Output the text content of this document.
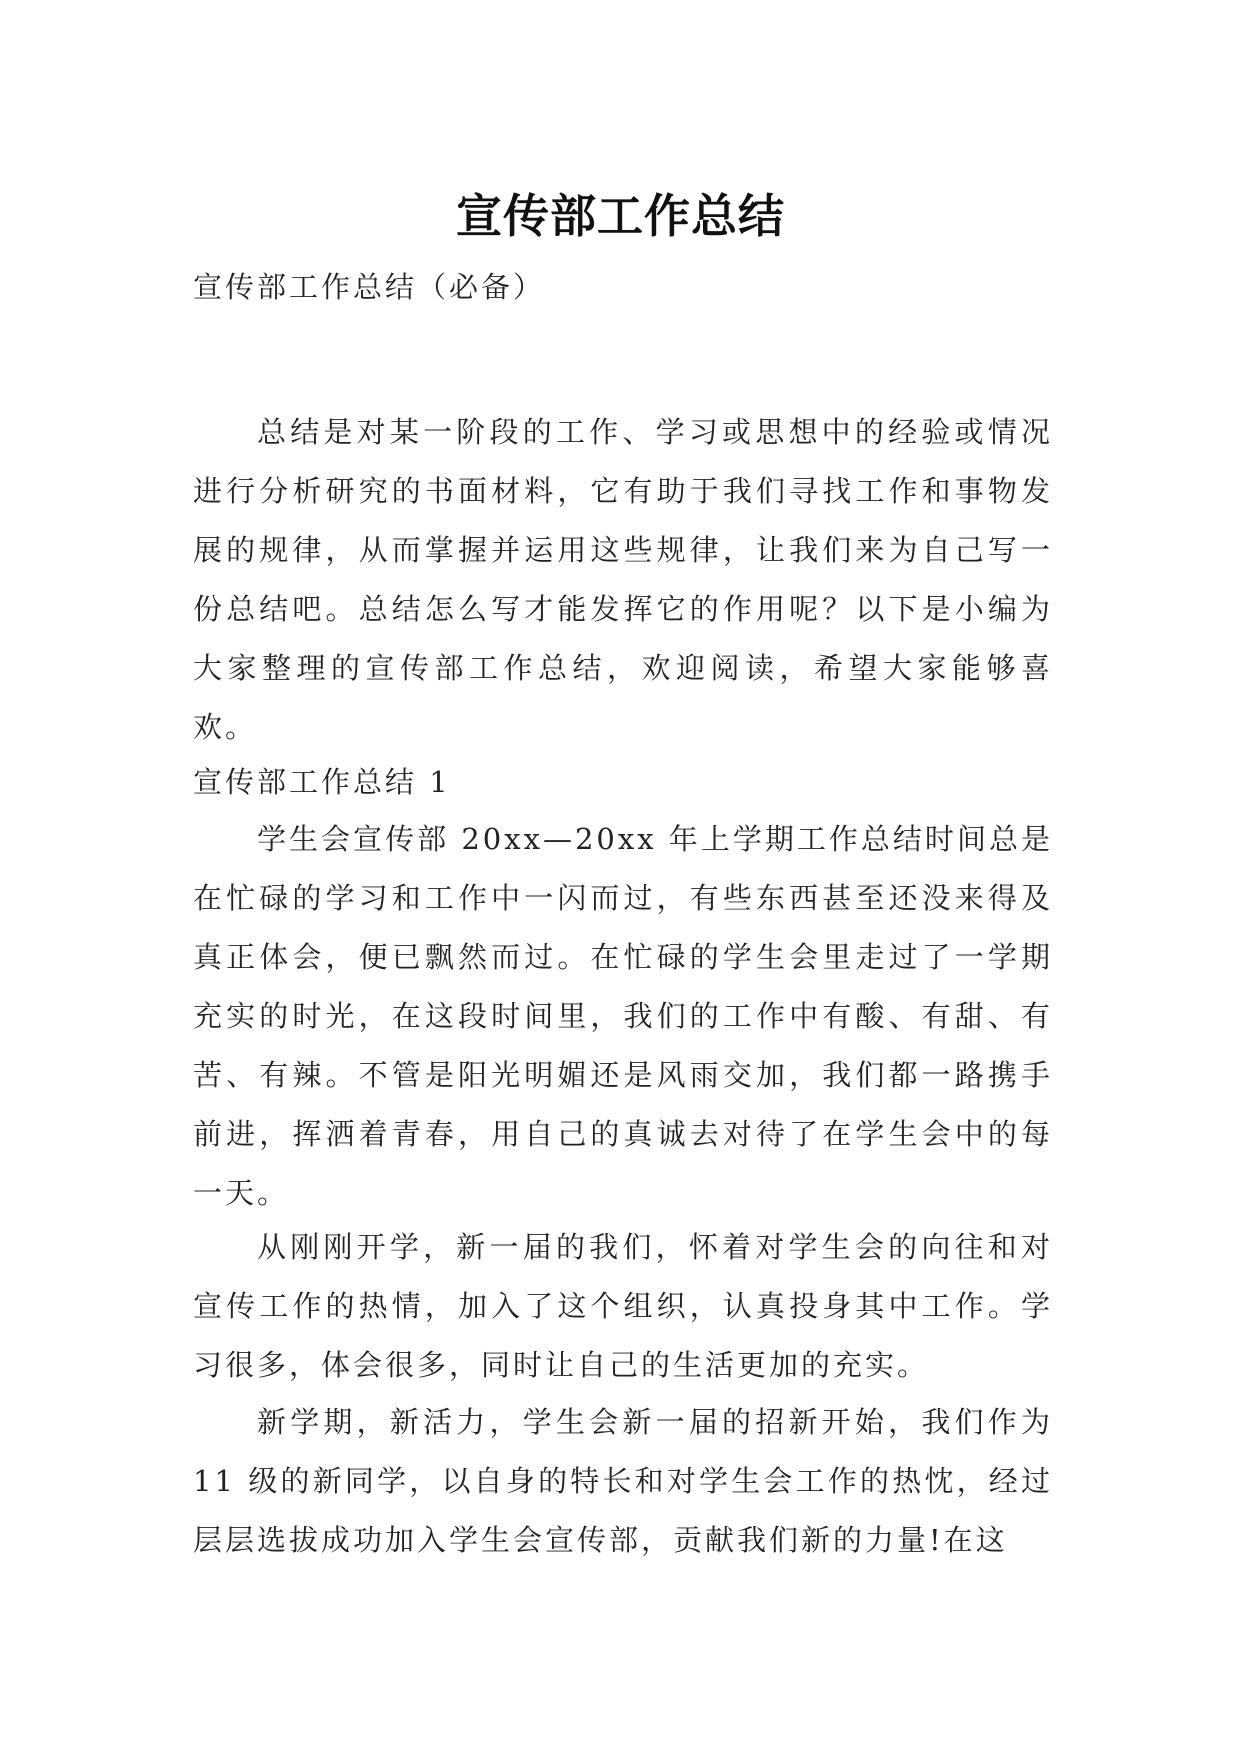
宣传部工作总结

宣传部工作总结（必备）

总结是对某一阶段的工作、学习或思想中的经验或情况进行分析研究的书面材料，它有助于我们寻找工作和事物发展的规律，从而掌握并运用这些规律，让我们来为自己写一份总结吧。总结怎么写才能发挥它的作用呢？以下是小编为大家整理的宣传部工作总结，欢迎阅读，希望大家能够喜欢。

宣传部工作总结 1

学生会宣传部 20xx—20xx 年上学期工作总结时间总是在忙碌的学习和工作中一闪而过，有些东西甚至还没来得及真正体会，便已飘然而过。在忙碌的学生会里走过了一学期充实的时光，在这段时间里，我们的工作中有酸、有甜、有苦、有辣。不管是阳光明媚还是风雨交加，我们都一路携手前进，挥洒着青春，用自己的真诚去对待了在学生会中的每一天。

从刚刚开学，新一届的我们，怀着对学生会的向往和对宣传工作的热情，加入了这个组织，认真投身其中工作。学习很多，体会很多，同时让自己的生活更加的充实。

新学期，新活力，学生会新一届的招新开始，我们作为 11 级的新同学，以自身的特长和对学生会工作的热忱，经过层层选拔成功加入学生会宣传部，贡献我们新的力量!在这
